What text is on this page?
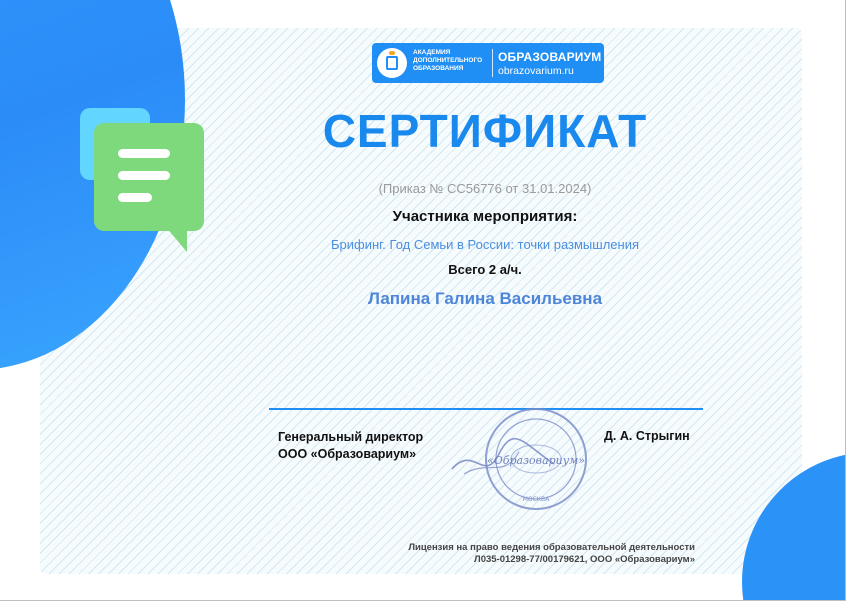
АКАДЕМИЯ
ДОПОЛНИТЕЛЬНОГО
ОБРАЗОВАНИЯ
ОБРАЗОВАРИУМ
obrazovarium.ru
СЕРТИФИКАТ
(Приказ № СС56776 от 31.01.2024)
Участника мероприятия:
Брифинг. Год Семьи в России: точки размышления
Всего 2 а/ч.
Лапина Галина Васильевна
Генеральный директор
ООО «Образовариум»	«Образовариум»
МОСКВА
Д. А. Стрыгин
Лицензия на право ведения образовательной деятельности
Л035-01298-77/00179621, ООО «Образовариум»
